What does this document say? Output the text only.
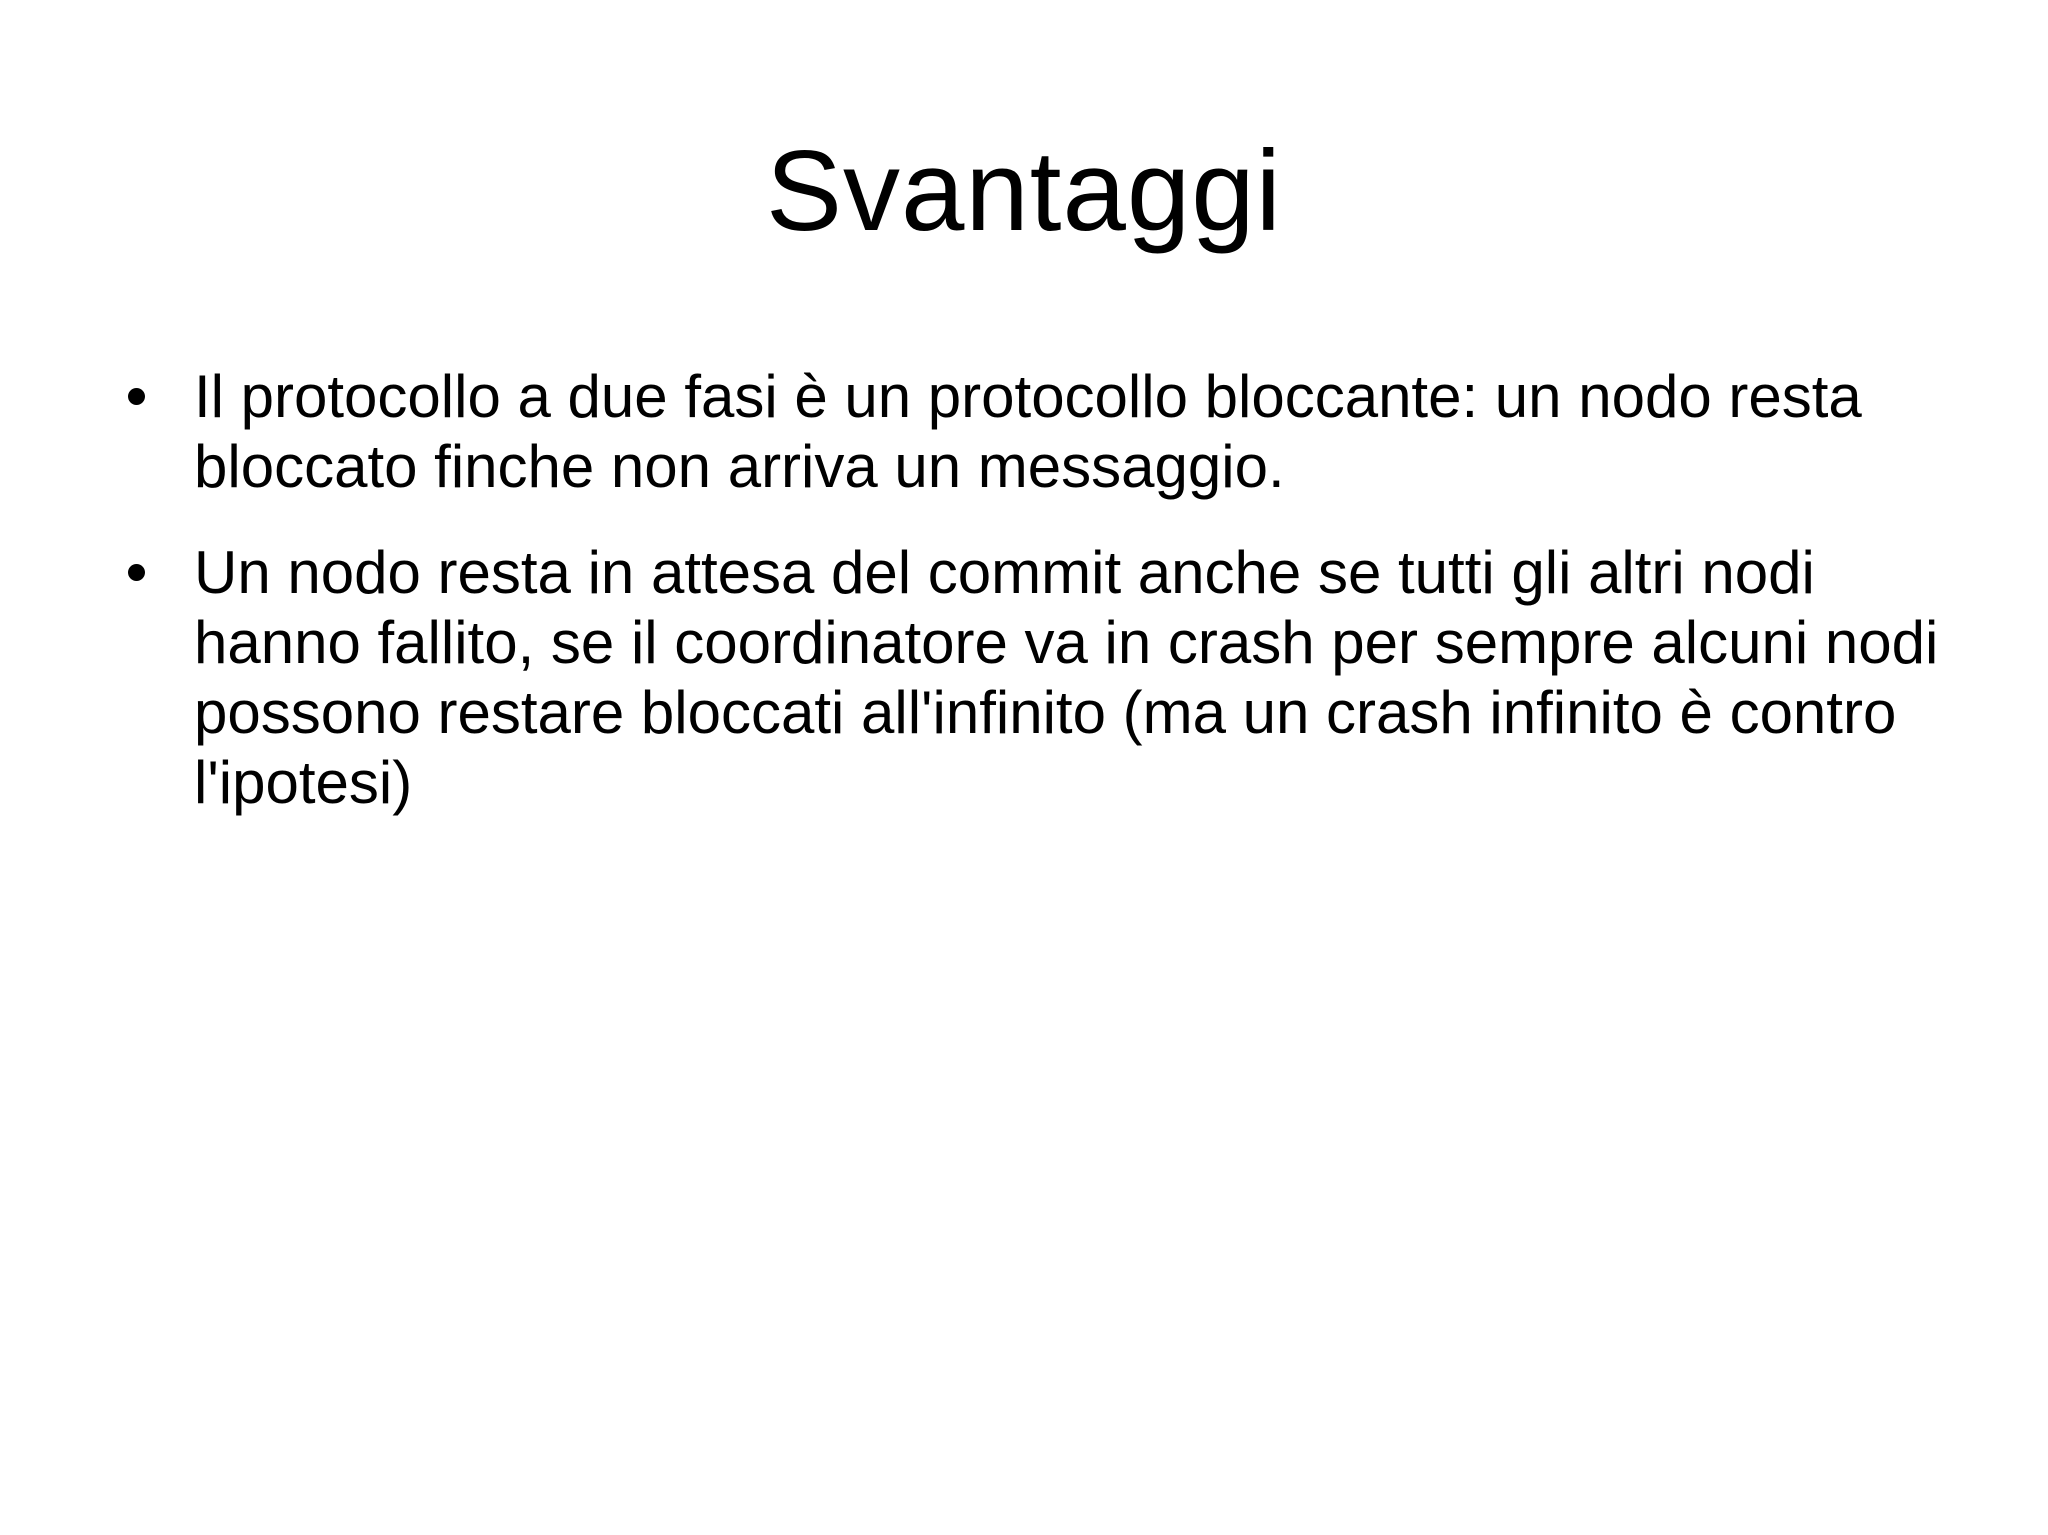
Svantaggi
Il protocollo a due fasi è un protocollo bloccante: un nodo resta bloccato finche non arriva un messaggio.
Un nodo resta in attesa del commit anche se tutti gli altri nodi hanno fallito, se il coordinatore va in crash per sempre alcuni nodi possono restare bloccati all'infinito (ma un crash infinito è contro l'ipotesi)
